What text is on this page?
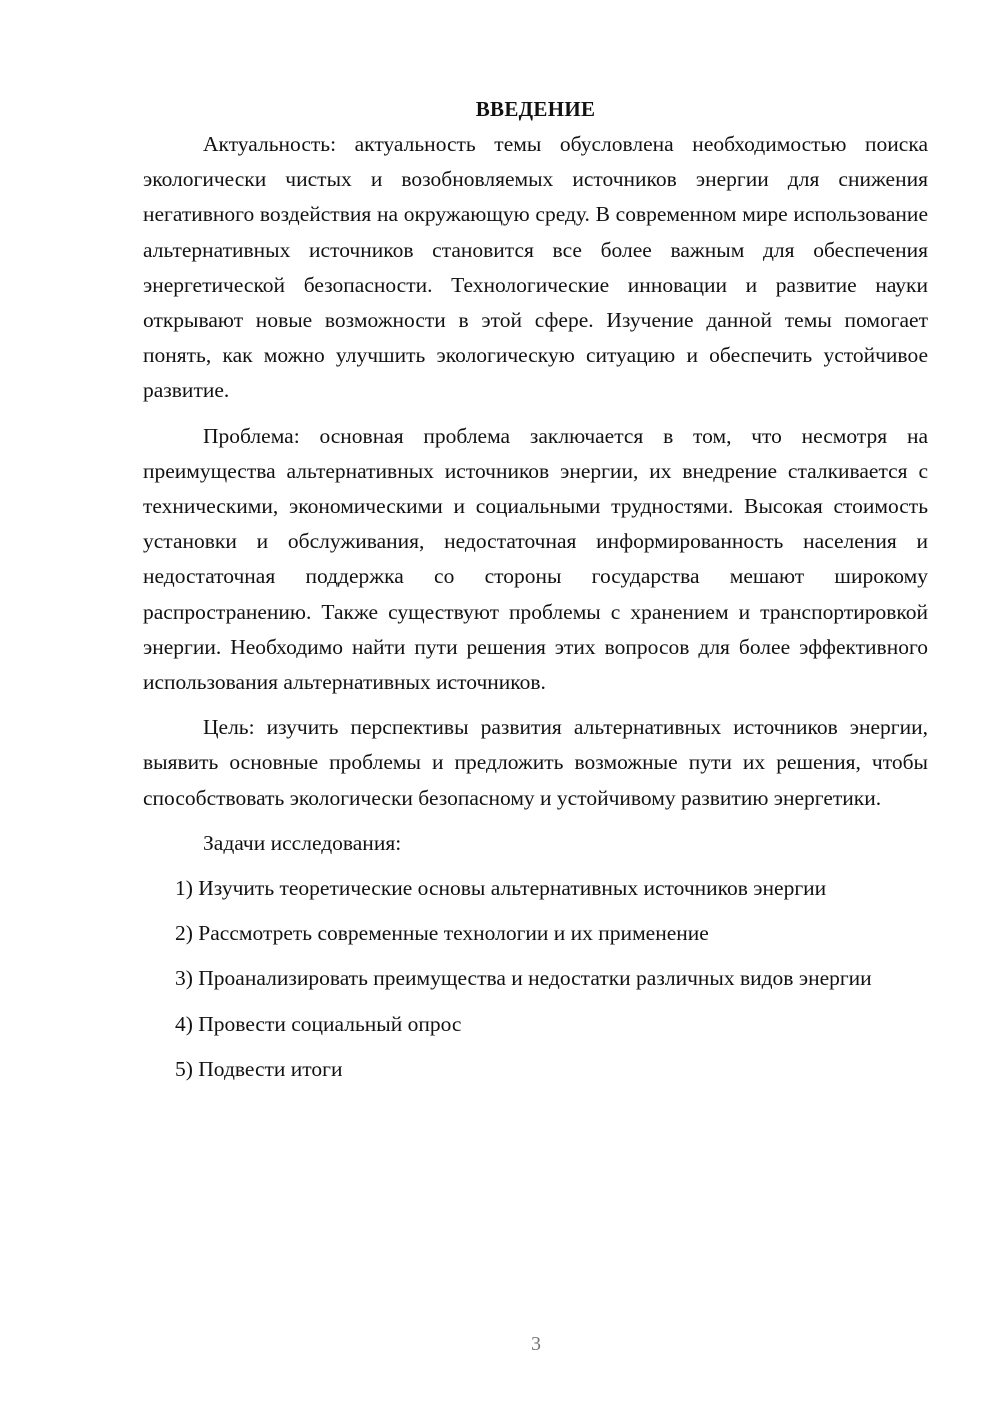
ВВЕДЕНИЕ

Актуальность: актуальность темы обусловлена необходимостью поиска экологически чистых и возобновляемых источников энергии для снижения негативного воздействия на окружающую среду. В современном мире использование альтернативных источников становится все более важным для обеспечения энергетической безопасности. Технологические инновации и развитие науки открывают новые возможности в этой сфере. Изучение данной темы помогает понять, как можно улучшить экологическую ситуацию и обеспечить устойчивое развитие.

Проблема: основная проблема заключается в том, что несмотря на преимущества альтернативных источников энергии, их внедрение сталкивается с техническими, экономическими и социальными трудностями. Высокая стоимость установки и обслуживания, недостаточная информированность населения и недостаточная поддержка со стороны государства мешают широкому распространению. Также существуют проблемы с хранением и транспортировкой энергии. Необходимо найти пути решения этих вопросов для более эффективного использования альтернативных источников.

Цель: изучить перспективы развития альтернативных источников энергии, выявить основные проблемы и предложить возможные пути их решения, чтобы способствовать экологически безопасному и устойчивому развитию энергетики.

Задачи исследования:

1) Изучить теоретические основы альтернативных источников энергии
2) Рассмотреть современные технологии и их применение
3) Проанализировать преимущества и недостатки различных видов энергии
4) Провести социальный опрос
5) Подвести итоги
3
